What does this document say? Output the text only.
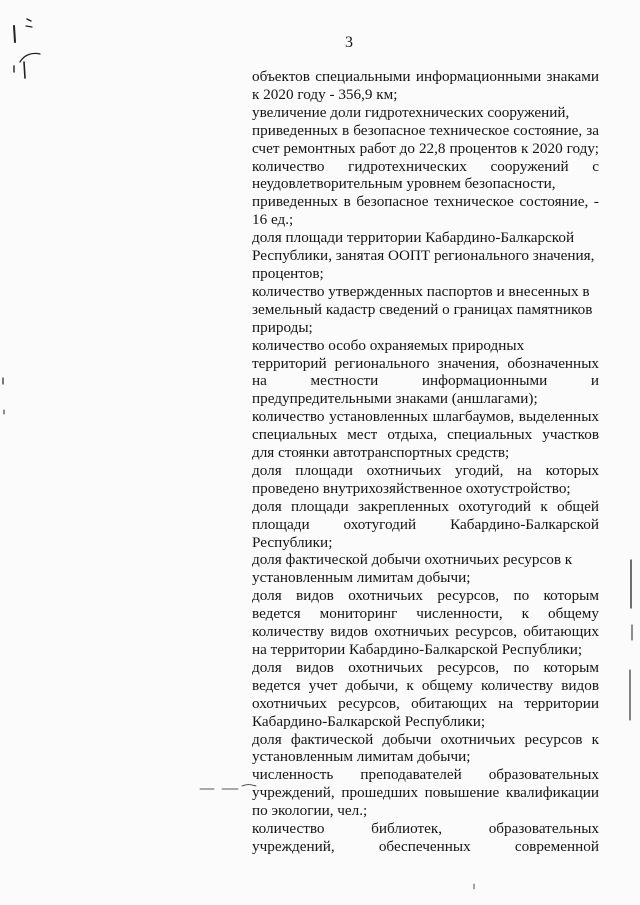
3
объектов специальными информационными знаками
к 2020 году - 356,9 км;
увеличение доли гидротехнических сооружений,
приведенных в безопасное техническое состояние, за
счет ремонтных работ до 22,8 процентов к 2020 году;
количество гидротехнических сооружений с
неудовлетворительным уровнем безопасности,
приведенных в безопасное техническое состояние, -
16 ед.;
доля площади территории Кабардино-Балкарской
Республики, занятая ООПТ регионального значения,
процентов;
количество утвержденных паспортов и внесенных в
земельный кадастр сведений о границах памятников
природы;
количество особо охраняемых природных
территорий регионального значения, обозначенных
на местности информационными и
предупредительными знаками (аншлагами);
количество установленных шлагбаумов, выделенных
специальных мест отдыха, специальных участков
для стоянки автотранспортных средств;
доля площади охотничьих угодий, на которых
проведено внутрихозяйственное охотустройство;
доля площади закрепленных охотугодий к общей
площади охотугодий Кабардино-Балкарской
Республики;
доля фактической добычи охотничьих ресурсов к
установленным лимитам добычи;
доля видов охотничьих ресурсов, по которым
ведется мониторинг численности, к общему
количеству видов охотничьих ресурсов, обитающих
на территории Кабардино-Балкарской Республики;
доля видов охотничьих ресурсов, по которым
ведется учет добычи, к общему количеству видов
охотничьих ресурсов, обитающих на территории
Кабардино-Балкарской Республики;
доля фактической добычи охотничьих ресурсов к
установленным лимитам добычи;
численность преподавателей образовательных
учреждений, прошедших повышение квалификации
по экологии, чел.;
количество библиотек, образовательных
учреждений, обеспеченных современной
